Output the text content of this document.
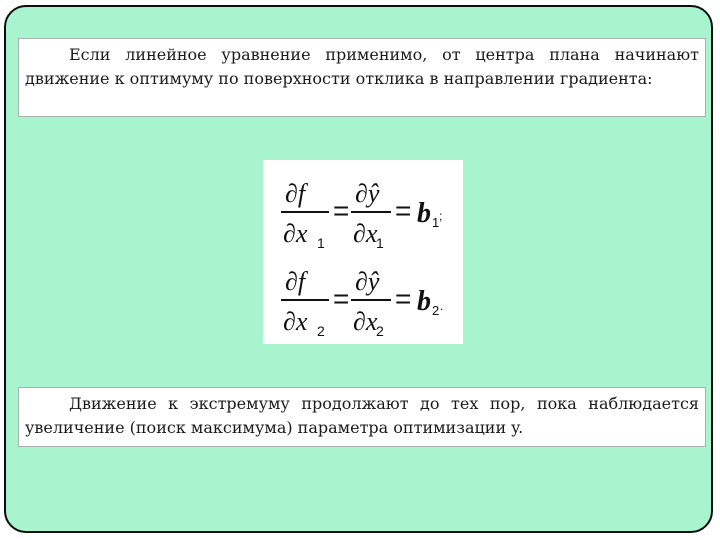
Если линейное уравнение применимо, от центра плана начинают движение к оптимуму по поверхности отклика в направлении градиента:
∂f
∂x 1
=
∂ŷ
∂x
1
= b 1 ;
∂f
∂x 2
=
∂ŷ
∂x
2
= b 2 .
Движение к экстремуму продолжают до тех пор, пока наблюдается увеличение (поиск максимума) параметра оптимизации y.
